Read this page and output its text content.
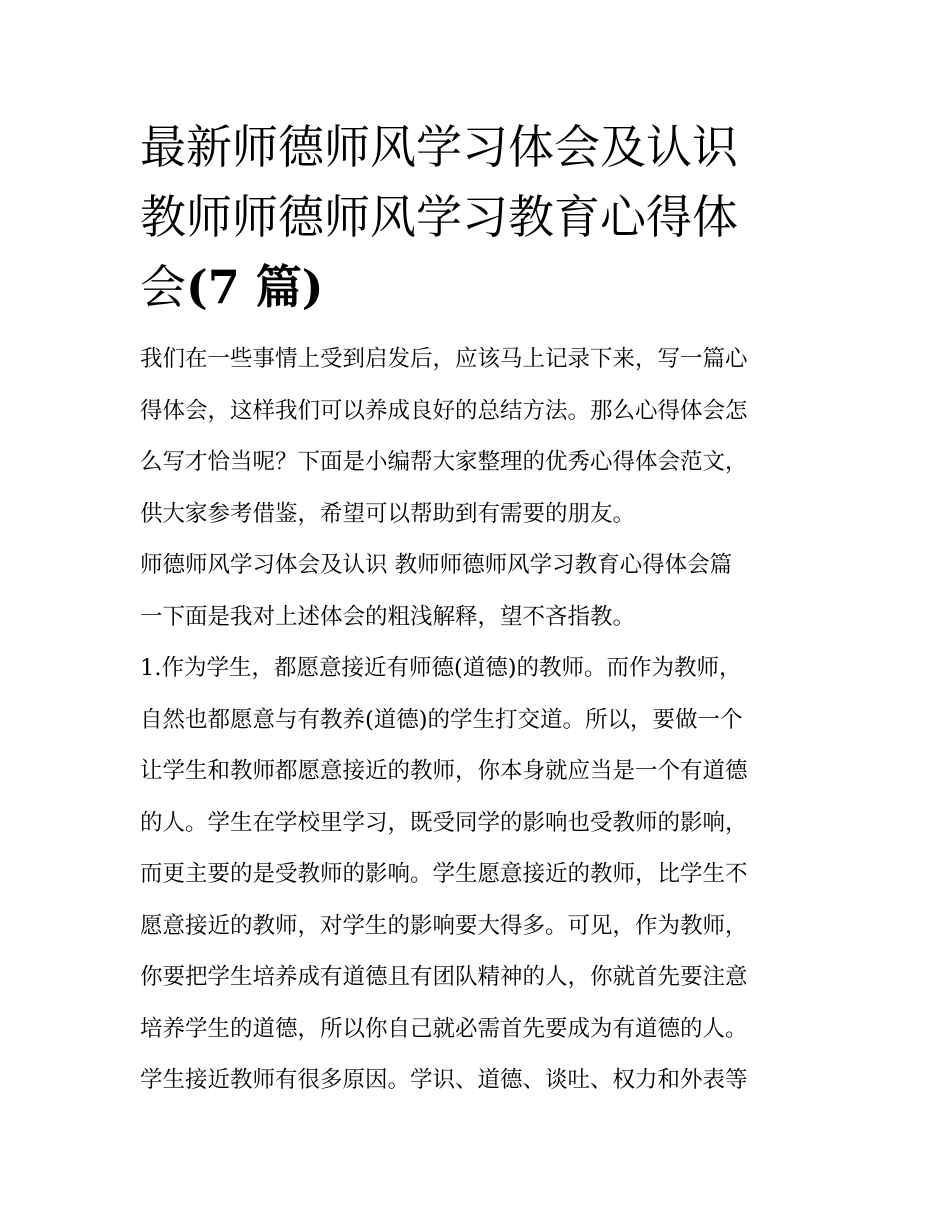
最新师德师风学习体会及认识
教师师德师风学习教育心得体
会(7 篇)
我们在一些事情上受到启发后，应该马上记录下来，写一篇心
得体会，这样我们可以养成良好的总结方法。那么心得体会怎
么写才恰当呢？下面是小编帮大家整理的优秀心得体会范文，
供大家参考借鉴，希望可以帮助到有需要的朋友。
师德师风学习体会及认识 教师师德师风学习教育心得体会篇
一下面是我对上述体会的粗浅解释，望不吝指教。
1.作为学生，都愿意接近有师德(道德)的教师。而作为教师，
自然也都愿意与有教养(道德)的学生打交道。所以，要做一个
让学生和教师都愿意接近的教师，你本身就应当是一个有道德
的人。学生在学校里学习，既受同学的影响也受教师的影响，
而更主要的是受教师的影响。学生愿意接近的教师，比学生不
愿意接近的教师，对学生的影响要大得多。可见，作为教师，
你要把学生培养成有道德且有团队精神的人，你就首先要注意
培养学生的道德，所以你自己就必需首先要成为有道德的人。
学生接近教师有很多原因。学识、道德、谈吐、权力和外表等
